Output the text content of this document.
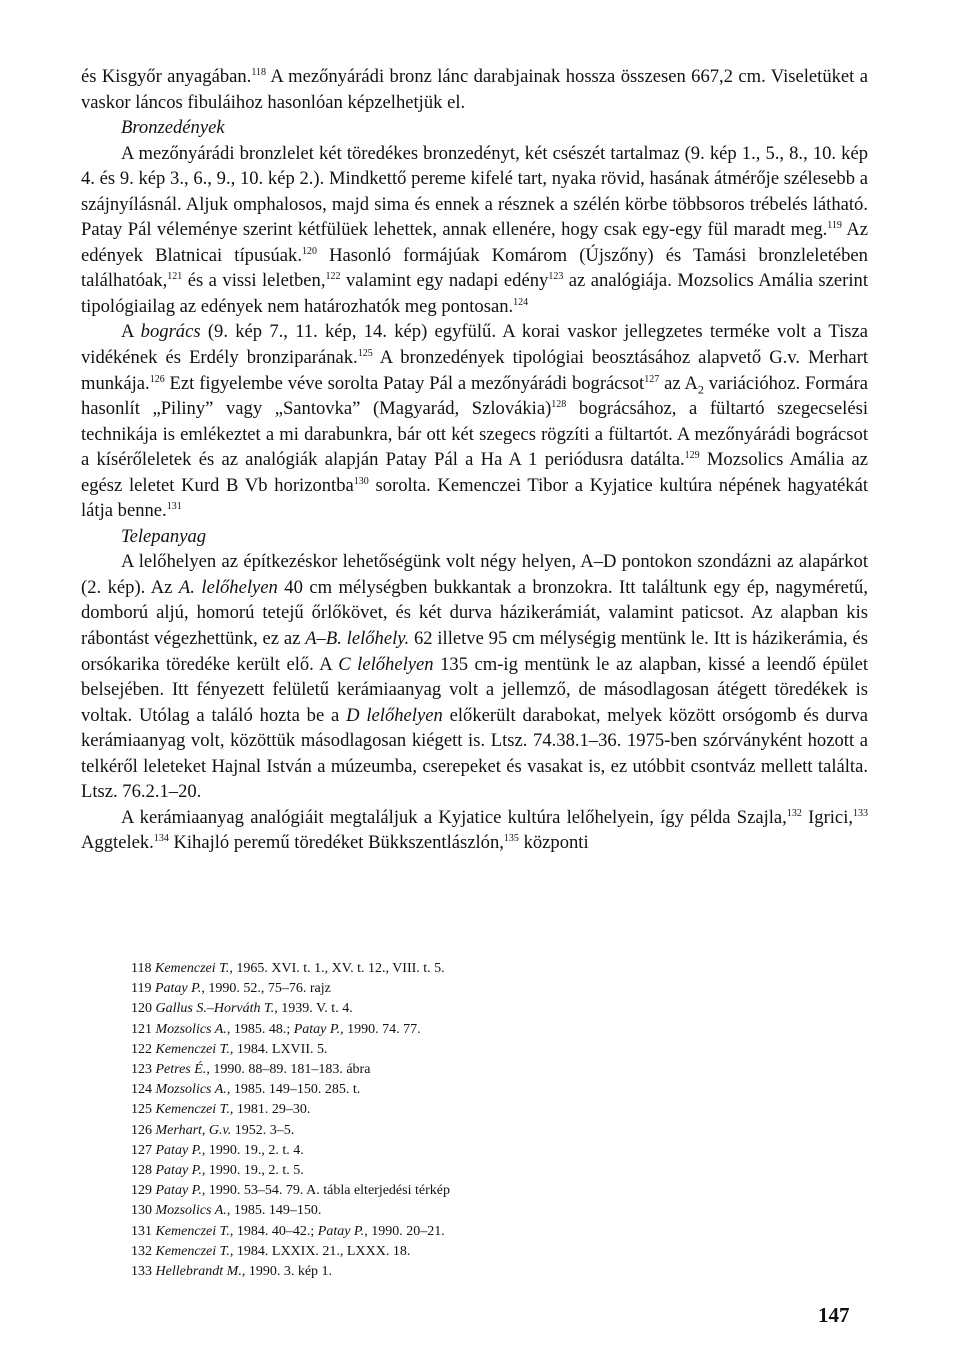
és Kisgyőr anyagában.$^{118}$ A mezőnyárádi bronz lánc darabjainak hossza összesen 667,2 cm. Viseletüket a vaskor láncos fibuláihoz hasonlóan képzelhetjük el.

Bronzedények

A mezőnyárádi bronzlelet két töredékes bronzedényt, két csészét tartalmaz (9. kép 1., 5., 8., 10. kép 4. és 9. kép 3., 6., 9., 10. kép 2.). Mindkettő pereme kifelé tart, nyaka rövid, hasának átmérője szélesebb a szájnyílásnál. Aljuk omphalosos, majd sima és ennek a résznek a szélén körbe többsoros trébelés látható. Patay Pál véleménye szerint kétfülüek lehettek, annak ellenére, hogy csak egy-egy fül maradt meg.$^{119}$ Az edények Blatnicai típusúak.$^{120}$ Hasonló formájúak Komárom (Újszőny) és Tamási bronzleletében találhatóak,$^{121}$ és a vissi leletben,$^{122}$ valamint egy nadapi edény$^{123}$ az analógiája. Mozsolics Amália szerint tipológiailag az edények nem határozhatók meg pontosan.$^{124}$

A bogrács (9. kép 7., 11. kép, 14. kép) egyfülű. A korai vaskor jellegzetes terméke volt a Tisza vidékének és Erdély bronziparának.$^{125}$ A bronzedények tipológiai beosztásához alapvető G.v. Merhart munkája.$^{126}$ Ezt figyelembe véve sorolta Patay Pál a mezőnyárádi bográcsot$^{127}$ az $A_2$ variációhoz. Formára hasonlít „Piliny” vagy „Santovka” (Magyarád, Szlovákia)$^{128}$ bográcsához, a fültartó szegecselési technikája is emlékeztet a mi darabunkra, bár ott két szegecs rögzíti a fültartót. A mezőnyárádi bográcsot a kísérőleletek és az analógiák alapján Patay Pál a Ha A 1 periódusra datálta.$^{129}$ Mozsolics Amália az egész leletet Kurd B Vb horizontba$^{130}$ sorolta. Kemenczei Tibor a Kyjatice kultúra népének hagyatékát látja benne.$^{131}$

Telepanyag

A lelőhelyen az építkezéskor lehetőségünk volt négy helyen, A–D pontokon szondázni az alapárkot (2. kép). Az A. lelőhelyen 40 cm mélységben bukkantak a bronzokra. Itt találtunk egy ép, nagyméretű, domború aljú, homorú tetejű őrlőkövet, és két durva házikerámiát, valamint paticsot. Az alapban kis rábontást végezhettünk, ez az A–B. lelőhely. 62 illetve 95 cm mélységig mentünk le. Itt is házikerámia, és orsókarika töredéke került elő. A C lelőhelyen 135 cm-ig mentünk le az alapban, kissé a leendő épület belsejében. Itt fényezett felületű kerámiaanyag volt a jellemző, de másodlagosan átégett töredékek is voltak. Utólag a találó hozta be a D lelőhelyen előkerült darabokat, melyek között orsógomb és durva kerámiaanyag volt, közöttük másodlagosan kiégett is. Ltsz. 74.38.1–36. 1975-ben szórványként hozott a telkéről leleteket Hajnal István a múzeumba, cserepeket és vasakat is, ez utóbbit csontváz mellett találta. Ltsz. 76.2.1–20.

A kerámiaanyag analógiáit megtaláljuk a Kyjatice kultúra lelőhelyein, így példa Szajla,$^{132}$ Igrici,$^{133}$ Aggtelek.$^{134}$ Kihajló peremű töredéket Bükkszentlászlón,$^{135}$ központi

118 Kemenczei T., 1965. XVI. t. 1., XV. t. 12., VIII. t. 5.
119 Patay P., 1990. 52., 75–76. rajz
120 Gallus S.–Horváth T., 1939. V. t. 4.
121 Mozsolics A., 1985. 48.; Patay P., 1990. 74. 77.
122 Kemenczei T., 1984. LXVII. 5.
123 Petres É., 1990. 88–89. 181–183. ábra
124 Mozsolics A., 1985. 149–150. 285. t.
125 Kemenczei T., 1981. 29–30.
126 Merhart, G.v. 1952. 3–5.
127 Patay P., 1990. 19., 2. t. 4.
128 Patay P., 1990. 19., 2. t. 5.
129 Patay P., 1990. 53–54. 79. A. tábla elterjedési térkép
130 Mozsolics A., 1985. 149–150.
131 Kemenczei T., 1984. 40–42.; Patay P., 1990. 20–21.
132 Kemenczei T., 1984. LXXIX. 21., LXXX. 18.
133 Hellebrandt M., 1990. 3. kép 1.
147
